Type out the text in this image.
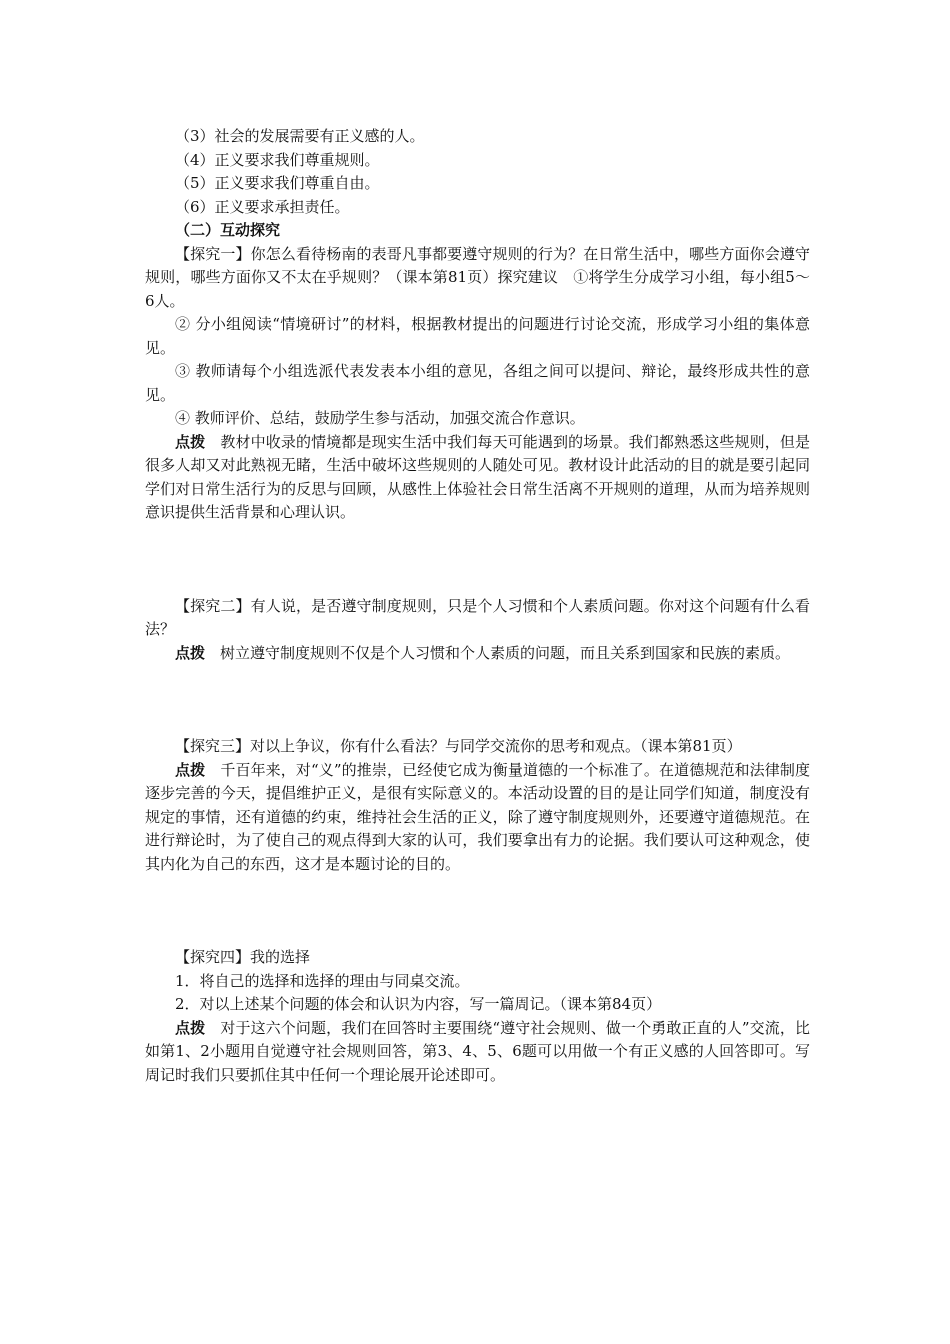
（3）社会的发展需要有正义感的人。

（4）正义要求我们尊重规则。

（5）正义要求我们尊重自由。

（6）正义要求承担责任。

（二）互动探究

【探究一】你怎么看待杨南的表哥凡事都要遵守规则的行为？在日常生活中，哪些方面你会遵守规则，哪些方面你又不太在乎规则？（课本第81页）探究建议　①将学生分成学习小组，每小组5～6人。

② 分小组阅读“情境研讨”的材料，根据教材提出的问题进行讨论交流，形成学习小组的集体意见。

③ 教师请每个小组选派代表发表本小组的意见，各组之间可以提问、辩论，最终形成共性的意见。

④ 教师评价、总结，鼓励学生参与活动，加强交流合作意识。

点拨　教材中收录的情境都是现实生活中我们每天可能遇到的场景。我们都熟悉这些规则，但是很多人却又对此熟视无睹，生活中破坏这些规则的人随处可见。教材设计此活动的目的就是要引起同学们对日常生活行为的反思与回顾，从感性上体验社会日常生活离不开规则的道理，从而为培养规则意识提供生活背景和心理认识。

【探究二】有人说，是否遵守制度规则，只是个人习惯和个人素质问题。你对这个问题有什么看法？

点拨　树立遵守制度规则不仅是个人习惯和个人素质的问题，而且关系到国家和民族的素质。

【探究三】对以上争议，你有什么看法？与同学交流你的思考和观点。（课本第81页）

点拨　千百年来，对“义”的推崇，已经使它成为衡量道德的一个标准了。在道德规范和法律制度逐步完善的今天，提倡维护正义，是很有实际意义的。本活动设置的目的是让同学们知道，制度没有规定的事情，还有道德的约束，维持社会生活的正义，除了遵守制度规则外，还要遵守道德规范。在进行辩论时，为了使自己的观点得到大家的认可，我们要拿出有力的论据。我们要认可这种观念，使其内化为自己的东西，这才是本题讨论的目的。

【探究四】我的选择

1．将自己的选择和选择的理由与同桌交流。

2．对以上述某个问题的体会和认识为内容，写一篇周记。（课本第84页）

点拨　对于这六个问题，我们在回答时主要围绕“遵守社会规则、做一个勇敢正直的人”交流，比如第1、2小题用自觉遵守社会规则回答，第3、4、5、6题可以用做一个有正义感的人回答即可。写周记时我们只要抓住其中任何一个理论展开论述即可。
